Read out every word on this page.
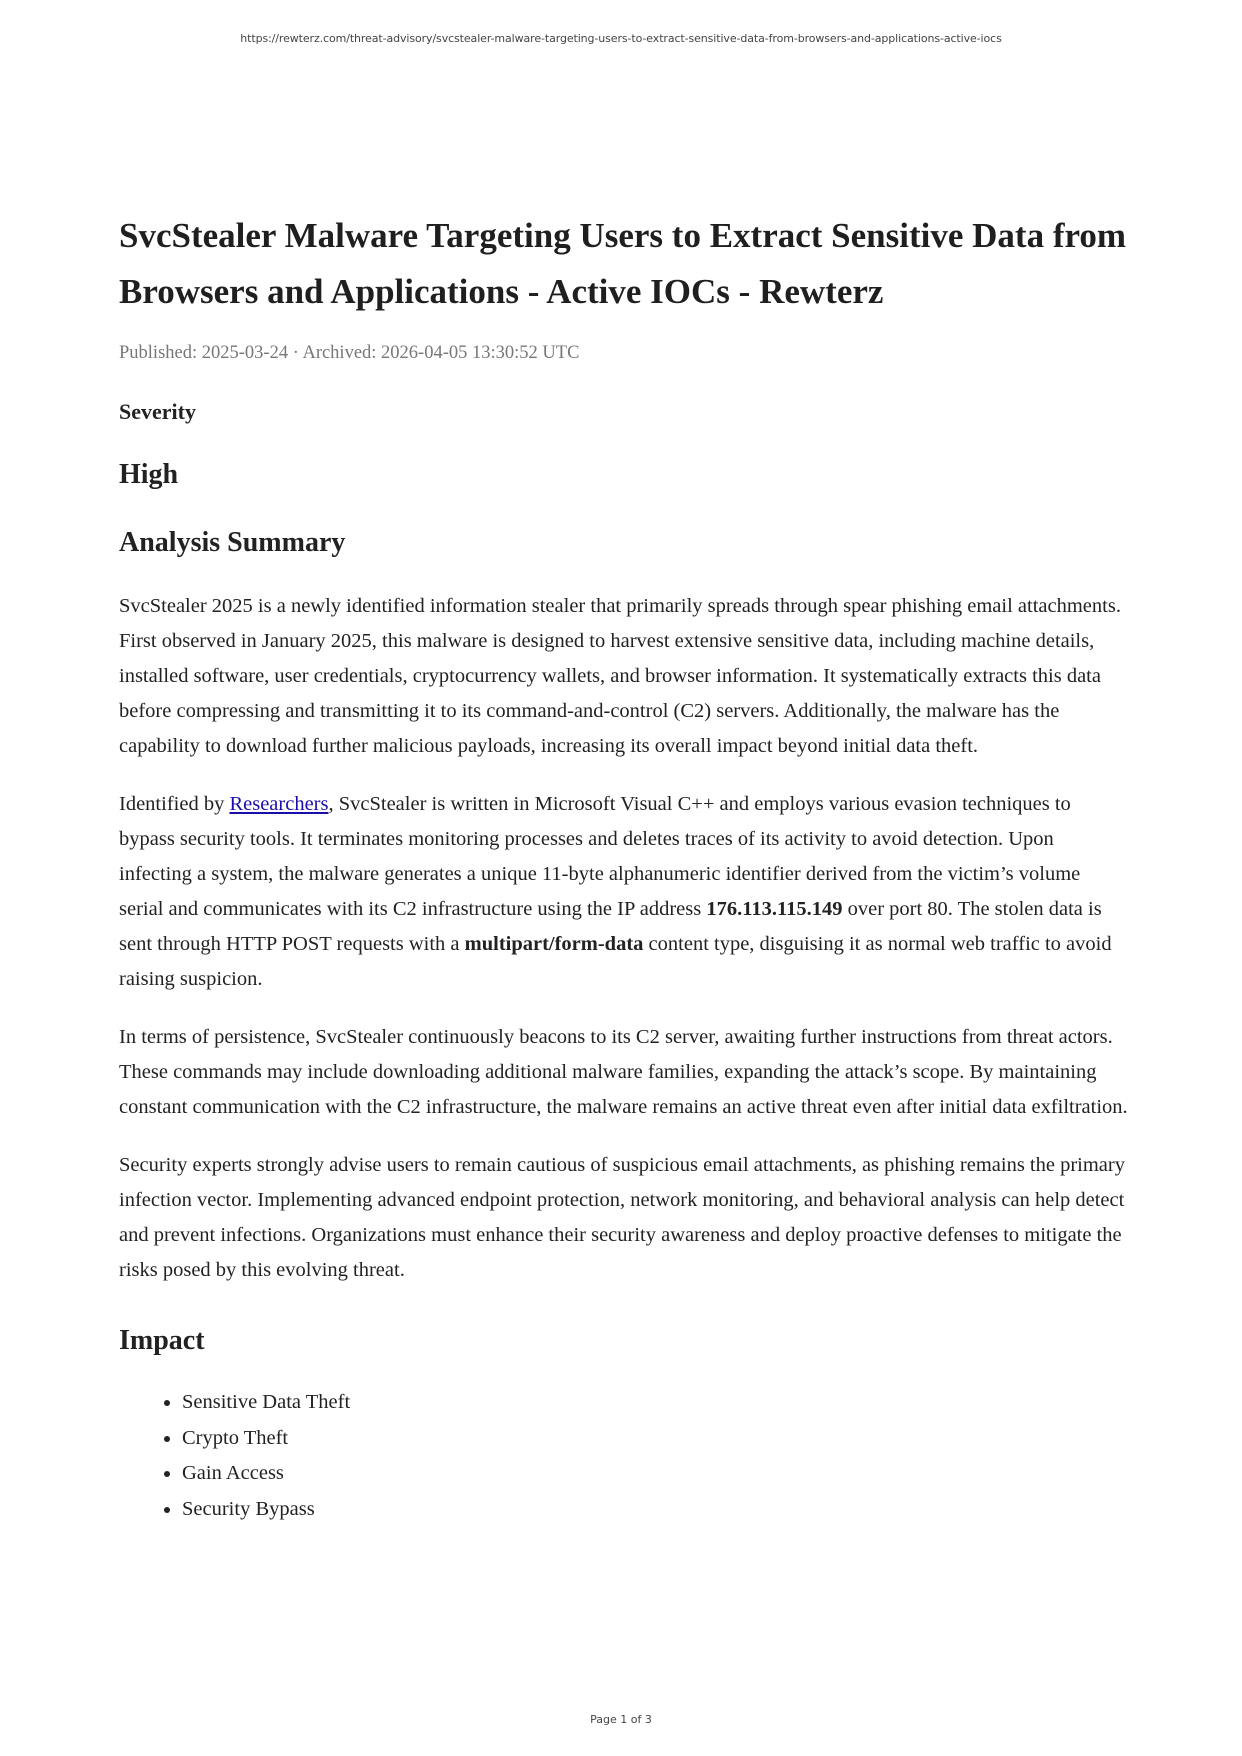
https://rewterz.com/threat-advisory/svcstealer-malware-targeting-users-to-extract-sensitive-data-from-browsers-and-applications-active-iocs
SvcStealer Malware Targeting Users to Extract Sensitive Data from Browsers and Applications - Active IOCs - Rewterz
Published: 2025-03-24 · Archived: 2026-04-05 13:30:52 UTC
Severity
High
Analysis Summary

SvcStealer 2025 is a newly identified information stealer that primarily spreads through spear phishing email attachments. First observed in January 2025, this malware is designed to harvest extensive sensitive data, including machine details, installed software, user credentials, cryptocurrency wallets, and browser information. It systematically extracts this data before compressing and transmitting it to its command-and-control (C2) servers. Additionally, the malware has the capability to download further malicious payloads, increasing its overall impact beyond initial data theft.

Identified by Researchers, SvcStealer is written in Microsoft Visual C++ and employs various evasion techniques to bypass security tools. It terminates monitoring processes and deletes traces of its activity to avoid detection. Upon infecting a system, the malware generates a unique 11-byte alphanumeric identifier derived from the victim’s volume serial and communicates with its C2 infrastructure using the IP address 176.113.115.149 over port 80. The stolen data is sent through HTTP POST requests with a multipart/form-data content type, disguising it as normal web traffic to avoid raising suspicion.

In terms of persistence, SvcStealer continuously beacons to its C2 server, awaiting further instructions from threat actors. These commands may include downloading additional malware families, expanding the attack’s scope. By maintaining constant communication with the C2 infrastructure, the malware remains an active threat even after initial data exfiltration.

Security experts strongly advise users to remain cautious of suspicious email attachments, as phishing remains the primary infection vector. Implementing advanced endpoint protection, network monitoring, and behavioral analysis can help detect and prevent infections. Organizations must enhance their security awareness and deploy proactive defenses to mitigate the risks posed by this evolving threat.

Impact
• Sensitive Data Theft
• Crypto Theft
• Gain Access
• Security Bypass
Page 1 of 3
